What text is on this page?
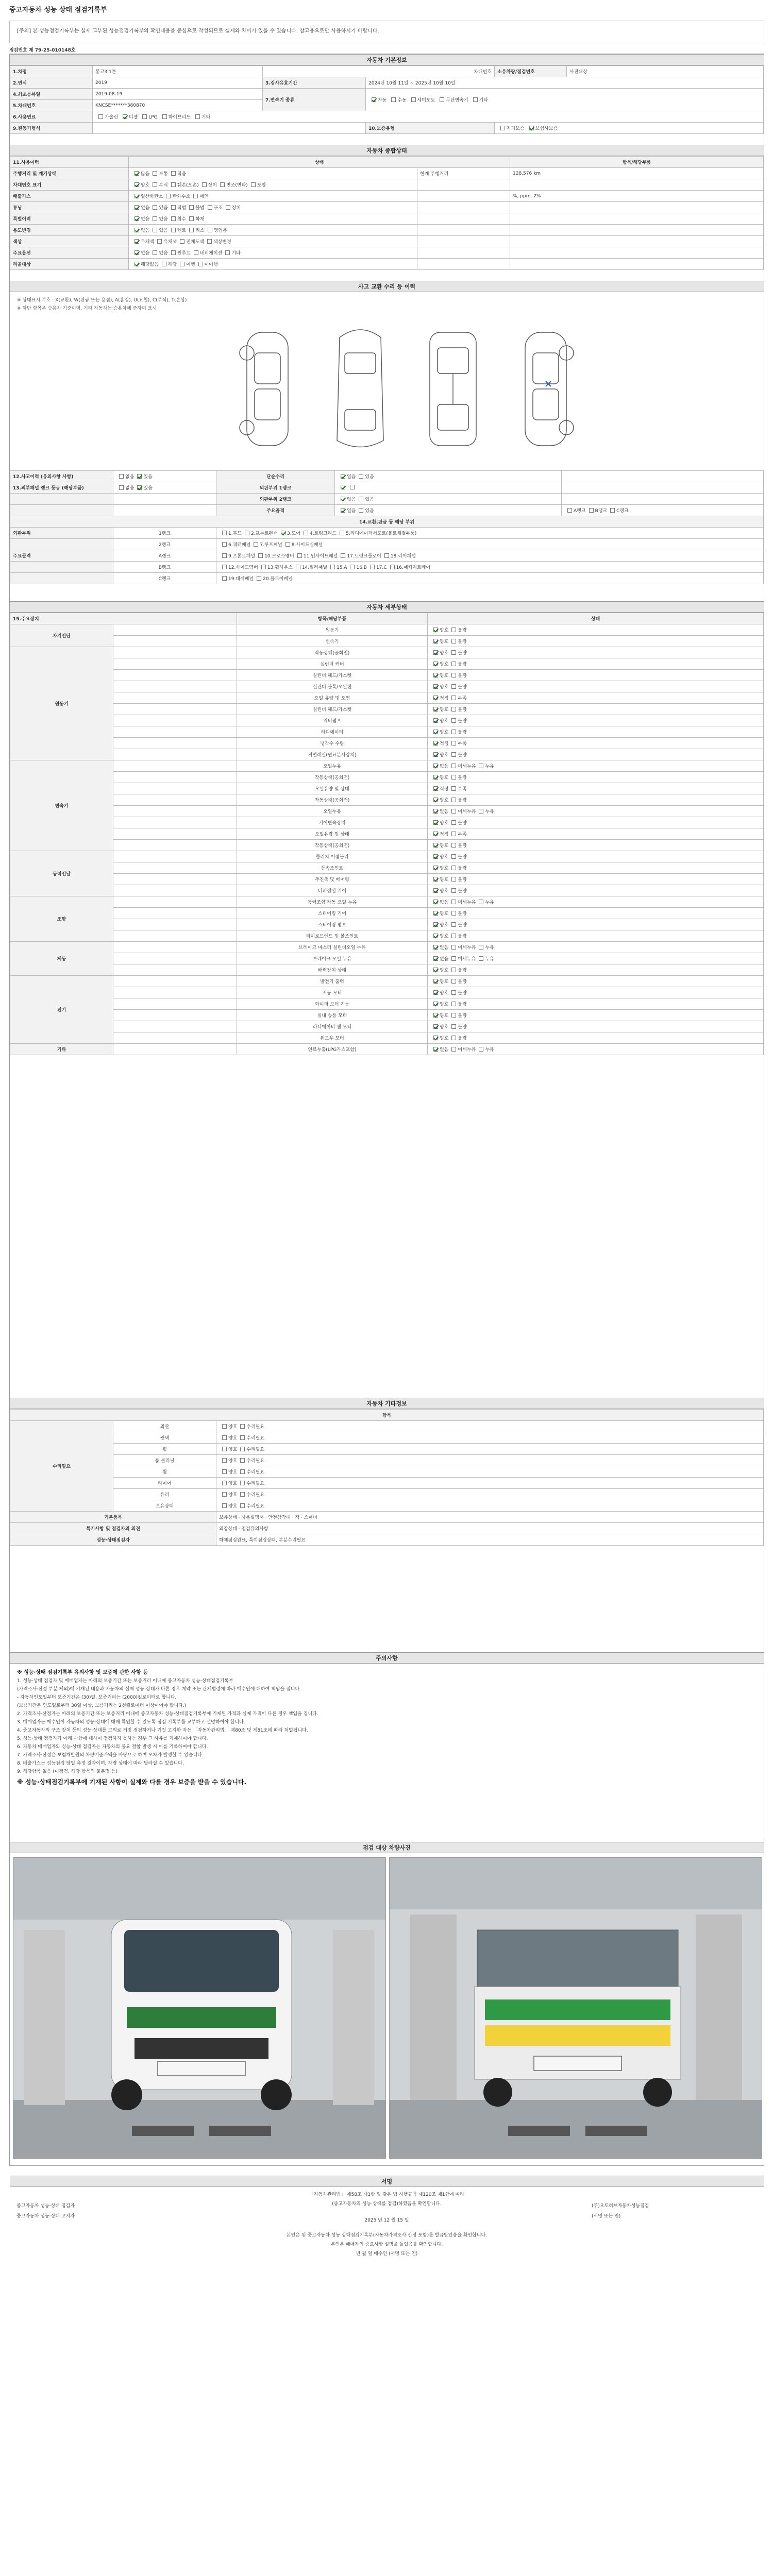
중고자동차 성능 상태 점검기록부
[주의] 본 성능점검기록부는 실제 교부된 성능점검기록부의 확인내용을 중심으로 작성되므로 실제와 차이가 있을 수 있습니다. 참고용으로만 사용하시기 바랍니다.
점검번호 제 79-25-010148호
자동차 기본정보
1.차명	봉고3 1톤	차대번호		소유차량/점검번호	사진대상
2.연식	2019	3.검사유효기간	2024년 10월 11일 ~ 2025년 10월 10일		
4.최초등록일	2019-08-19	7.변속기 종류	자동 수동 세미오토 무단변속기 기타		
5.차대번호	KNCSE*******380870				
6.사용연료	가솔린 디젤 LPG 하이브리드 기타				
9.원동기형식			10.보증유형	자가보증 보험사보증	
자동차 종합상태
11.사용이력	상태		항목/해당부품
주행거리 및 계기상태	많음 보통 적음	현재 주행거리	128,576 km
차대번호 표기	양호 부식 훼손(오손) 상이 변조(변타) 도말		
배출가스	일산화탄소 탄화수소 매연		%, ppm, 2%
튜닝	없음 있음 적법 불법 구조 장치		
특별이력	없음 있음 침수 화재		
용도변경	없음 있음 렌트 리스 영업용		
색상	무채색 유채색 전체도색 색상변경		
주요옵션	없음 있음 썬루프 네비게이션 기타		
리콜대상	해당없음 해당 이행 미이행		
사고 교환 수리 등 이력
※ 상태표시 부호 : X(교환), W(판금 또는 용접), A(흠집), U(요철), C(부식), T(손상)
※ 하단 항목은 승용차 기준이며, 기타 자동차는 승용차에 준하여 표시
12.사고이력 (유의사항 사항)	없음 있음	단순수리	없음 있음	
13.외부패널 랭크 등급 (해당부품)	없음 있음	외판부위 1랭크		
		외판부위 2랭크	없음 있음	
		주요골격	없음 있음	A랭크 B랭크 C랭크
14.교환,판금 등 해당 부위				
외판부위	1랭크	1.후드 2.프론트펜더 3.도어 4.트렁크리드 5.라디에이터서포트(볼트체결부품)		
	2랭크	6.쿼터패널 7.루프패널 8.사이드실패널		
주요골격	A랭크	9.프론트패널 10.크로스멤버 11.인사이드패널 17.트렁크플로어 18.리어패널		
	B랭크	12.사이드멤버 13.휠하우스 14.필러패널 15.A 16.B 17.C 16.패키지트레이		
	C랭크	19.대쉬패널 20.플로어패널		
자동차 세부상태
15.주요장치		항목/해당부품	상태
자기진단		원동기	양호 불량
		변속기	양호 불량
원동기		작동상태(공회전)	양호 불량
		실린더 커버	양호 불량
		실린더 헤드/가스켓	양호 불량
		실린더 블록/오일팬	양호 불량
		오일 유량 및 오염	적정 부족
		실린더 헤드/가스켓	양호 불량
		워터펌프	양호 불량
		라디에이터	양호 불량
		냉각수 수량	적정 부족
		커먼레일(연료분사장치)	양호 불량
변속기		오일누유	없음 미세누유 누유
		작동상태(공회전)	양호 불량
		오일유량 및 상태	적정 부족
		작동상태(공회전)	양호 불량
		오일누유	없음 미세누유 누유
		기어변속장치	양호 불량
		오일유량 및 상태	적정 부족
		작동상태(공회전)	양호 불량
동력전달		클러치 어셈블리	양호 불량
		등속조인트	양호 불량
		추진축 및 베어링	양호 불량
		디퍼렌셜 기어	양호 불량
조향		동력조향 작동 오일 누유	없음 미세누유 누유
		스티어링 기어	양호 불량
		스티어링 펌프	양호 불량
		타이로드엔드 및 볼조인트	양호 불량
제동		브레이크 마스터 실린더오일 누유	없음 미세누유 누유
		브레이크 오일 누유	없음 미세누유 누유
		배력장치 상태	양호 불량
전기		발전기 출력	양호 불량
		시동 모터	양호 불량
		와이퍼 모터 기능	양호 불량
		실내 송풍 모터	양호 불량
		라디에이터 팬 모터	양호 불량
		윈도우 모터	양호 불량
기타		연료누출(LPG가스포함)	없음 미세누유 누유
자동차 기타정보
항목		
수리필요	외관	양호 수리필요
	광택	양호 수리필요
	휠	양호 수리필요
	룸 클리닝	양호 수리필요
	휠	양호 수리필요
	타이어	양호 수리필요
	유리	양호 수리필요
	보유상태	양호 수리필요
기본품목		보유상태 · 사용설명서 · 안전삼각대 · 잭 · 스패너
특기사항 및 점검자의 의견		외장상태 · 점검유의사항
성능·상태점검자		하체점검완료, 특이점검상태, 부분수리필요
주의사항
※ 성능·상태 점검기록부 유의사항 및 보증에 관한 사항 등
1. 성능·상태 점검자 및 매매업자는 아래의 보증기간 또는 보증거리 이내에 중고자동차 성능·상태점검기록부
(가격조사·산정 부분 제외)에 기재된 내용과 자동차의 실제 성능·상태가 다른 경우 계약 또는 관계법령에 따라 매수인에 대하여 책임을 집니다.
- 자동차인도일부터 보증기간은 (30)일, 보증거리는 (2000)킬로미터로 합니다.
(보증기간은 인도일로부터 30일 이상, 보증거리는 2천킬로미터 이상이어야 합니다.)
2. 가격조사·산정자는 아래의 보증기간 또는 보증거리 이내에 중고자동차 성능·상태점검기록부에 기재된 가격과 실제 가격이 다른 경우 책임을 집니다.
3. 매매업자는 매수인이 자동차의 성능·상태에 대해 확인할 수 있도록 점검 기록부를 교부하고 설명하여야 합니다.
4. 중고자동차의 구조·장치 등의 성능·상태를 고의로 거짓 점검하거나 거짓 고지한 자는 「자동차관리법」 제80조 및 제81조에 따라 처벌됩니다.
5. 성능·상태 점검자가 아래 사항에 대하여 점검하지 못하는 경우 그 사유를 기재하여야 합니다.
6. 자동차 매매업자와 성능·상태 점검자는 자동차의 중요 결함 발생 시 이를 기록하여야 합니다.
7. 가격조사·산정은 보험개발원의 차량기준가액을 바탕으로 하며 오차가 발생할 수 있습니다.
8. 배출가스는 성능점검 당일 측정 결과이며, 차량 상태에 따라 달라질 수 있습니다.
9. 해당항목 없음 (미점검, 해당 항목의 불분명 등)
※ 성능·상태점검기록부에 기재된 사항이 실제와 다를 경우 보증을 받을 수 있습니다.
점검 대상 차량사진
서명
「자동차관리법」 제58조 제1항 및 같은 법 시행규칙 제120조 제1항에 따라
(중고자동차의 성능·상태를 점검)하였음을 확인합니다.
2025 년 12 월 15 일
중고자동차 성능·상태 점검자	(주)오토허브자동차성능점검
중고자동차 성능·상태 고지자	(서명 또는 인)
본인은 위 중고자동차 성능·상태점검기록부(자동차가격조사·산정 포함)를 발급받았음을 확인합니다.
본인은 매매자의 중요사항 설명을 들었음을 확인합니다.
년 월 일 매수인 (서명 또는 인)
